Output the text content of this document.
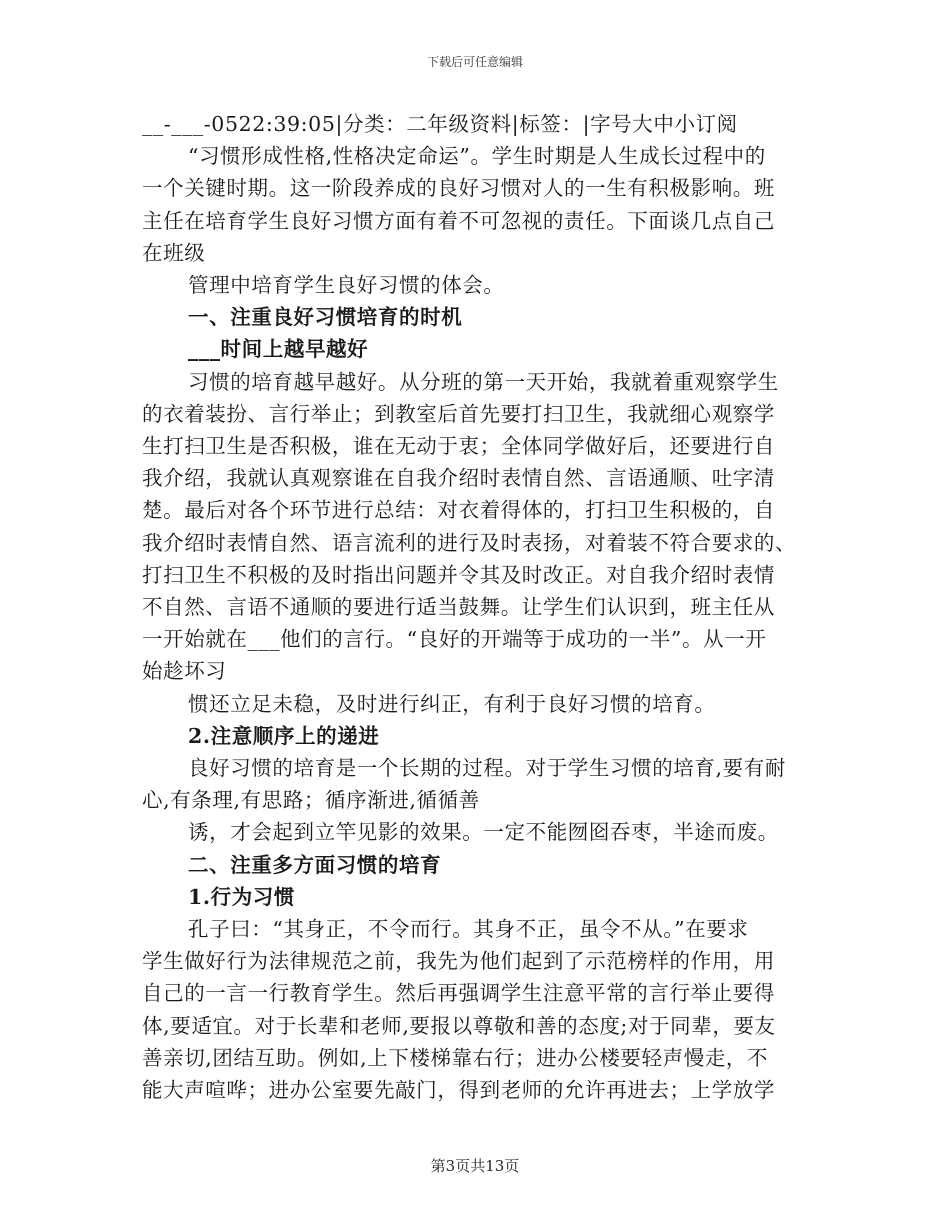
下载后可任意编辑
__-___-0522:39:05|分类：二年级资料|标签：|字号大中小订阅
“习惯形成性格,性格决定命运”。学生时期是人生成长过程中的
一个关键时期。这一阶段养成的良好习惯对人的一生有积极影响。班
主任在培育学生良好习惯方面有着不可忽视的责任。下面谈几点自己
在班级
管理中培育学生良好习惯的体会。
一、注重良好习惯培育的时机
___时间上越早越好
习惯的培育越早越好。从分班的第一天开始，我就着重观察学生
的衣着装扮、言行举止；到教室后首先要打扫卫生，我就细心观察学
生打扫卫生是否积极，谁在无动于衷；全体同学做好后，还要进行自
我介绍，我就认真观察谁在自我介绍时表情自然、言语通顺、吐字清
楚。最后对各个环节进行总结：对衣着得体的，打扫卫生积极的，自
我介绍时表情自然、语言流利的进行及时表扬，对着装不符合要求的、
打扫卫生不积极的及时指出问题并令其及时改正。对自我介绍时表情
不自然、言语不通顺的要进行适当鼓舞。让学生们认识到，班主任从
一开始就在___他们的言行。“良好的开端等于成功的一半”。从一开
始趁坏习
惯还立足未稳，及时进行纠正，有利于良好习惯的培育。
2.注意顺序上的递进
良好习惯的培育是一个长期的过程。对于学生习惯的培育,要有耐
心,有条理,有思路；循序渐进,循循善
诱，才会起到立竿见影的效果。一定不能囫囵吞枣，半途而废。
二、注重多方面习惯的培育
1.行为习惯
孔子曰：“其身正，不令而行。其身不正，虽令不从。”在要求
学生做好行为法律规范之前，我先为他们起到了示范榜样的作用，用
自己的一言一行教育学生。然后再强调学生注意平常的言行举止要得
体,要适宜。对于长辈和老师,要报以尊敬和善的态度;对于同辈，要友
善亲切,团结互助。例如,上下楼梯靠右行；进办公楼要轻声慢走，不
能大声喧哗；进办公室要先敲门，得到老师的允许再进去；上学放学
第3页共13页
